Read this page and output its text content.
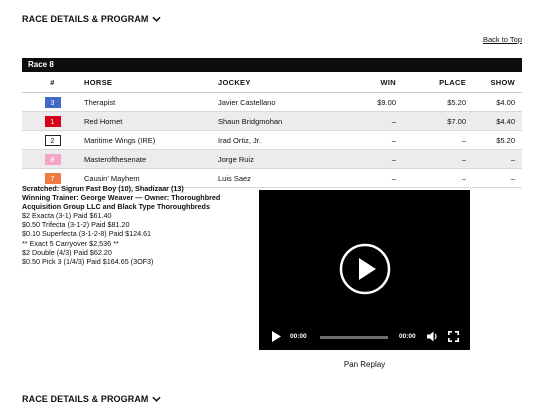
RACE DETAILS & PROGRAM
Back to Top
Race 8
#	HORSE	JOCKEY	WIN	PLACE	SHOW
3	Therapist	Javier Castellano	$9.00	$5.20	$4.00
1	Red Hornet	Shaun Bridgmohan	–	$7.00	$4.40
2	Maritime Wings (IRE)	Irad Ortiz, Jr.	–	–	$5.20
8	Masterofthesenate	Jorge Ruiz	–	–	–
7	Causin' Mayhem	Luis Saez	–	–	–
Scratched: Sigrun Fast Boy (10), Shadizaar (13)
Winning Trainer: George Weaver — Owner: Thoroughbred Acquisition Group LLC and Black Type Thoroughbreds
$2 Exacta (3-1) Paid $61.40
$0.50 Trifecta (3-1-2) Paid $81.20
$0.10 Superfecta (3-1-2-8) Paid $124.61
** Exact 5 Carryover $2,536 **
$2 Double (4/3) Paid $62.20
$0.50 Pick 3 (1/4/3) Paid $164.65 (3OF3)
00:00	00:00
Pan Replay
RACE DETAILS & PROGRAM
